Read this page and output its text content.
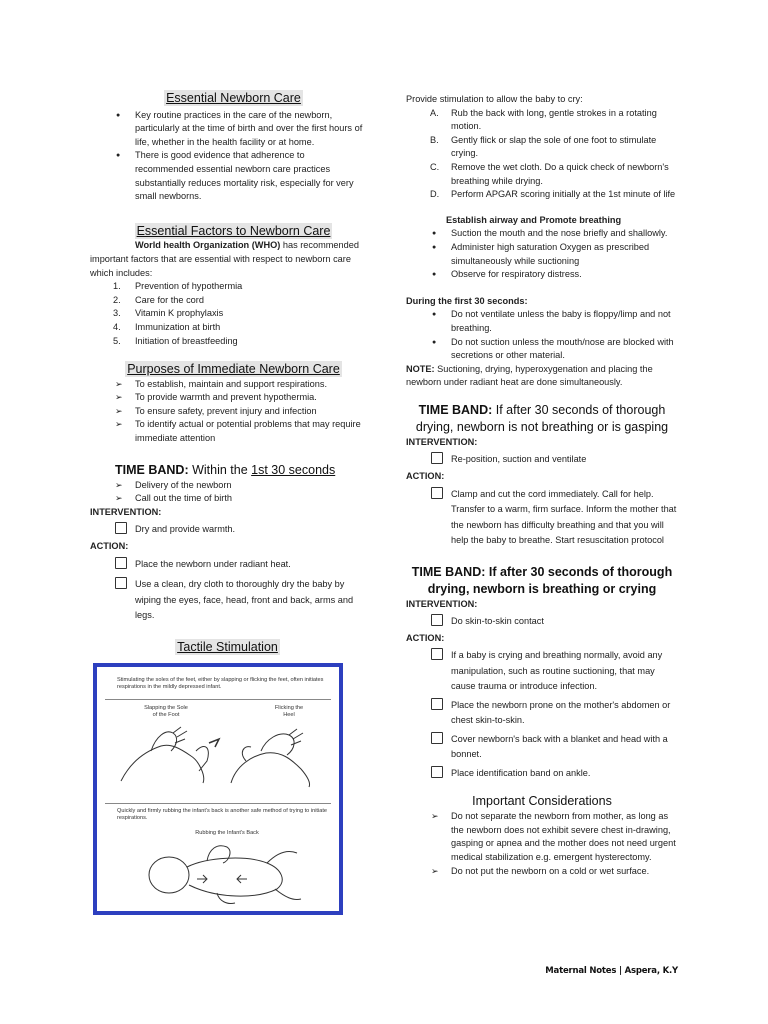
Essential Newborn Care
● Key routine practices in the care of the newborn, particularly at the time of birth and over the first hours of life, whether in the health facility or at home.
● There is good evidence that adherence to recommended essential newborn care practices substantially reduces mortality risk, especially for very small newborns.
Essential Factors to Newborn Care

World health Organization (WHO) has recommended important factors that are essential with respect to newborn care which includes:

1. Prevention of hypothermia
2. Care for the cord
3. Vitamin K prophylaxis
4. Immunization at birth
5. Initiation of breastfeeding
Purposes of Immediate Newborn Care
➢ To establish, maintain and support respirations.
➢ To provide warmth and prevent hypothermia.
➢ To ensure safety, prevent injury and infection
➢ To identify actual or potential problems that may require immediate attention
TIME BAND: Within the 1st 30 seconds
➢ Delivery of the newborn
➢ Call out the time of birth
INTERVENTION:
Dry and provide warmth.
ACTION:
Place the newborn under radiant heat.
Use a clean, dry cloth to thoroughly dry the baby by wiping the eyes, face, head, front and back, arms and legs.
Tactile Stimulation
Stimulating the soles of the feet, either by slapping or flicking the feet, often initiates respirations in the mildly depressed infant.
Slapping the Sole of the Foot
Flicking the Heel
Quickly and firmly rubbing the infant's back is another safe method of trying to initiate respirations.
Rubbing the Infant's Back

Provide stimulation to allow the baby to cry:

A. Rub the back with long, gentle strokes in a rotating motion.
B. Gently flick or slap the sole of one foot to stimulate crying.
C. Remove the wet cloth. Do a quick check of newborn's breathing while drying.
D. Perform APGAR scoring initially at the 1st minute of life
Establish airway and Promote breathing
● Suction the mouth and the nose briefly and shallowly.
● Administer high saturation Oxygen as prescribed simultaneously while suctioning
● Observe for respiratory distress.
During the first 30 seconds:
● Do not ventilate unless the baby is floppy/limp and not breathing.
● Do not suction unless the mouth/nose are blocked with secretions or other material.

NOTE: Suctioning, drying, hyperoxygenation and placing the newborn under radiant heat are done simultaneously.

TIME BAND: If after 30 seconds of thorough drying, newborn is not breathing or is gasping
INTERVENTION:
Re-position, suction and ventilate
ACTION:
Clamp and cut the cord immediately. Call for help. Transfer to a warm, firm surface. Inform the mother that the newborn has difficulty breathing and that you will help the baby to breathe. Start resuscitation protocol
TIME BAND: If after 30 seconds of thorough drying, newborn is breathing or crying
INTERVENTION:
Do skin-to-skin contact
ACTION:
If a baby is crying and breathing normally, avoid any manipulation, such as routine suctioning, that may cause trauma or introduce infection.
Place the newborn prone on the mother's abdomen or chest skin-to-skin.
Cover newborn's back with a blanket and head with a bonnet.
Place identification band on ankle.
Important Considerations
➢ Do not separate the newborn from mother, as long as the newborn does not exhibit severe chest in-drawing, gasping or apnea and the mother does not need urgent medical stabilization e.g. emergent hysterectomy.
➢ Do not put the newborn on a cold or wet surface.
Maternal Notes | Aspera, K.Y
